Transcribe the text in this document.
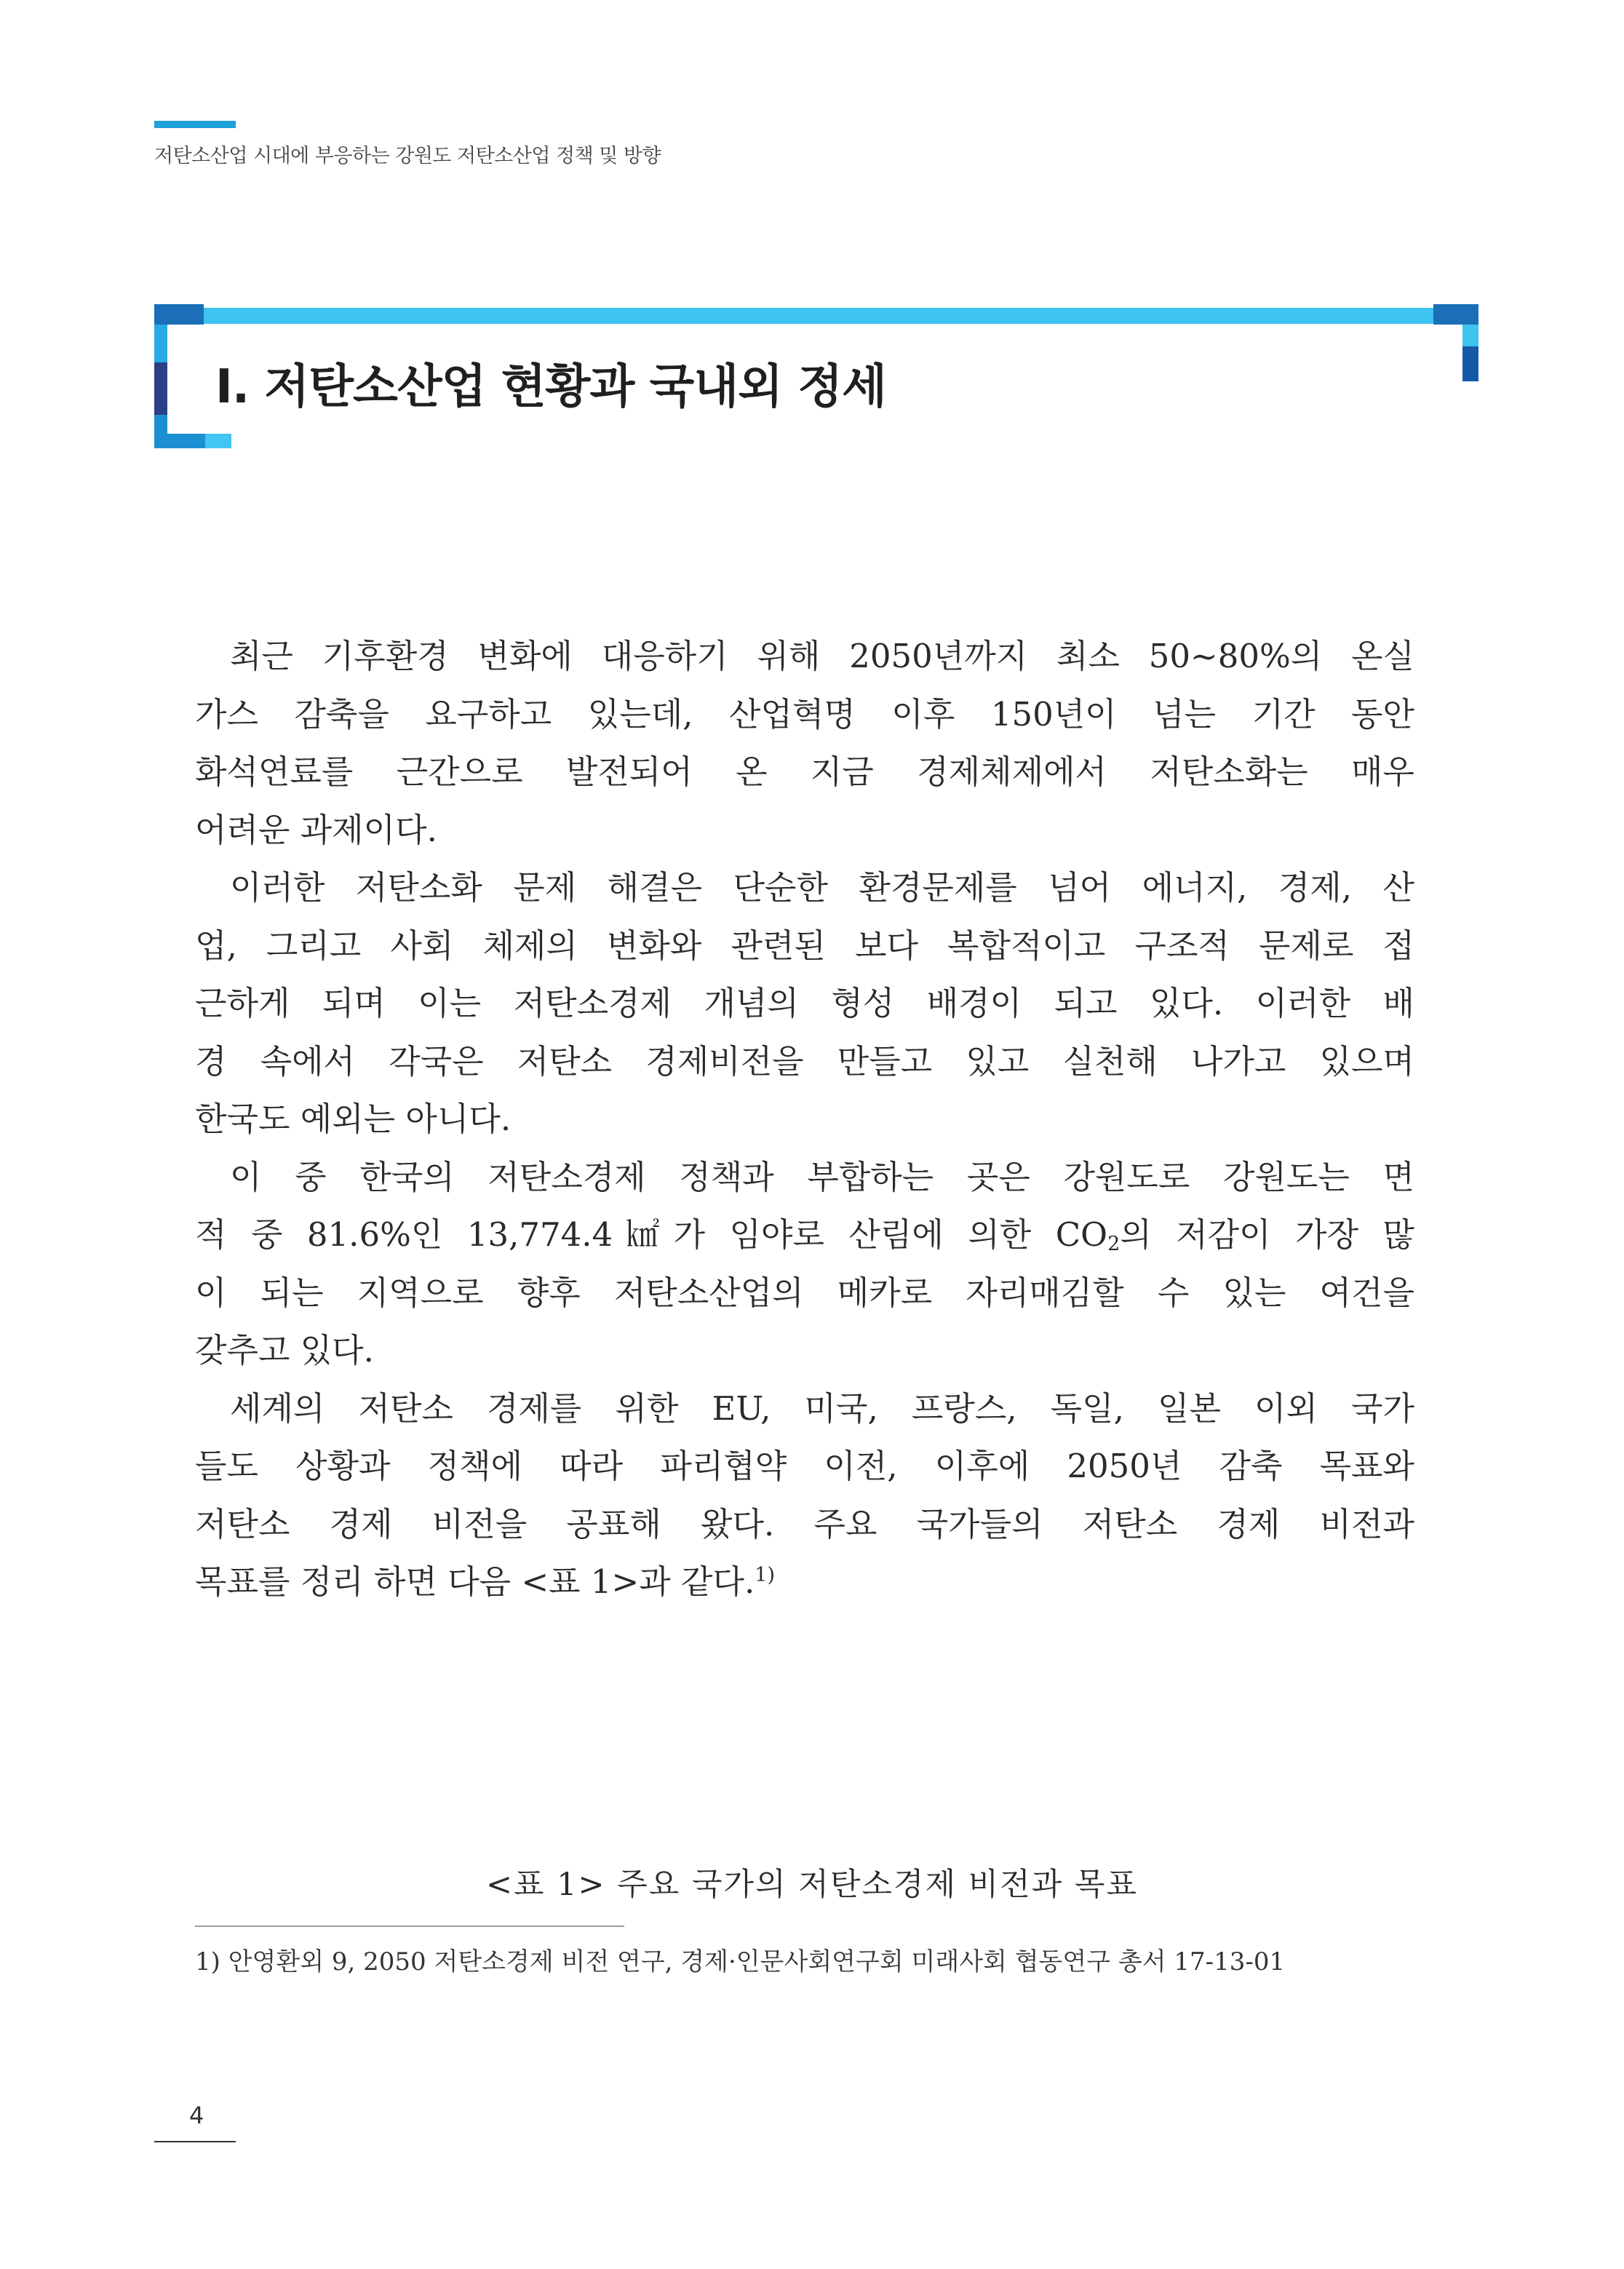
저탄소산업 시대에 부응하는 강원도 저탄소산업 정책 및 방향
Ⅰ. 저탄소산업 현황과 국내외 정세
최근 기후환경 변화에 대응하기 위해 2050년까지 최소 50~80%의 온실
가스 감축을 요구하고 있는데, 산업혁명 이후 150년이 넘는 기간 동안
화석연료를 근간으로 발전되어 온 지금 경제체제에서 저탄소화는 매우
어려운 과제이다.
이러한 저탄소화 문제 해결은 단순한 환경문제를 넘어 에너지, 경제, 산
업, 그리고 사회 체제의 변화와 관련된 보다 복합적이고 구조적 문제로 접
근하게 되며 이는 저탄소경제 개념의 형성 배경이 되고 있다. 이러한 배
경 속에서 각국은 저탄소 경제비전을 만들고 있고 실천해 나가고 있으며
한국도 예외는 아니다.
이 중 한국의 저탄소경제 정책과 부합하는 곳은 강원도로 강원도는 면
적 중 81.6%인 13,774.4㎢가 임야로 산림에 의한 $CO_2$의 저감이 가장 많
이 되는 지역으로 향후 저탄소산업의 메카로 자리매김할 수 있는 여건을
갖추고 있다.
세계의 저탄소 경제를 위한 EU, 미국, 프랑스, 독일, 일본 이외 국가
들도 상황과 정책에 따라 파리협약 이전, 이후에 2050년 감축 목표와
저탄소 경제 비전을 공표해 왔다. 주요 국가들의 저탄소 경제 비전과
목표를 정리 하면 다음 <표 1>과 같다.$^{1)}$
<표 1> 주요 국가의 저탄소경제 비전과 목표
1) 안영환외 9, 2050 저탄소경제 비전 연구, 경제·인문사회연구회 미래사회 협동연구 총서 17-13-01
4
